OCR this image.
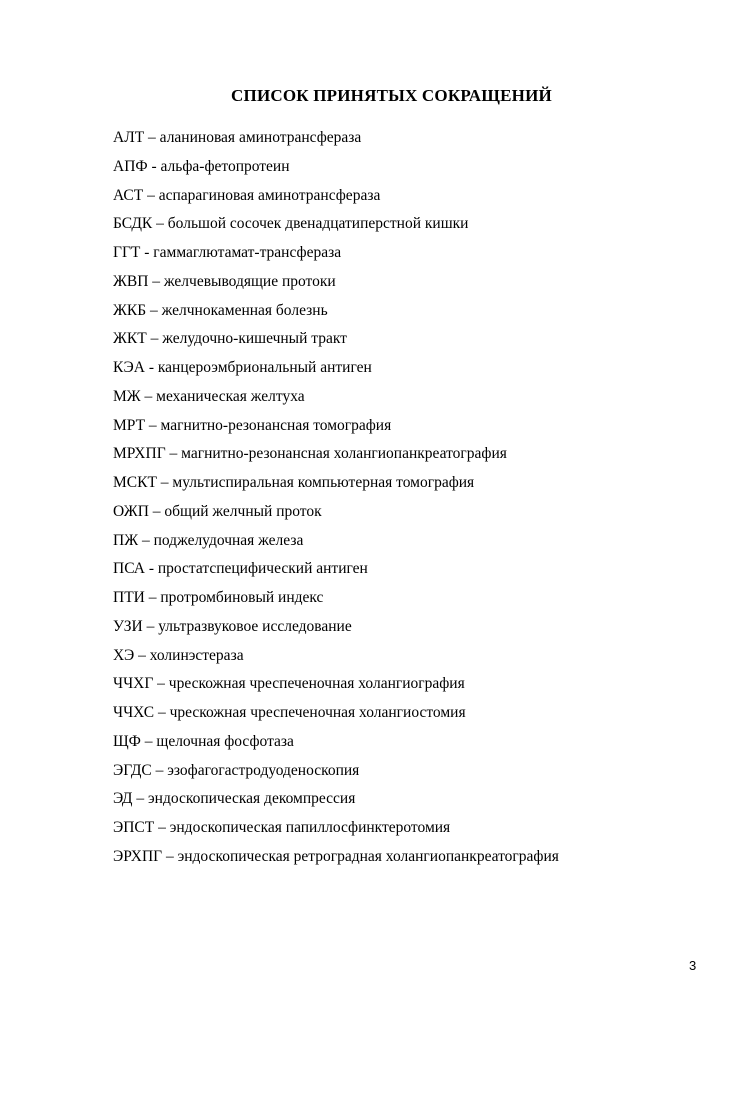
СПИСОК ПРИНЯТЫХ СОКРАЩЕНИЙ
АЛТ – аланиновая аминотрансфераза
АПФ - альфа-фетопротеин
АСТ – аспарагиновая аминотрансфераза
БСДК – большой сосочек двенадцатиперстной кишки
ГГТ - гаммаглютамат-трансфераза
ЖВП – желчевыводящие протоки
ЖКБ – желчнокаменная болезнь
ЖКТ – желудочно-кишечный тракт
КЭА - канцероэмбриональный антиген
МЖ – механическая желтуха
МРТ – магнитно-резонансная томография
МРХПГ – магнитно-резонансная холангиопанкреатография
МСКТ – мультиспиральная компьютерная томография
ОЖП – общий желчный проток
ПЖ – поджелудочная железа
ПСА - простатспецифический антиген
ПТИ – протромбиновый индекс
УЗИ – ультразвуковое исследование
ХЭ – холинэстераза
ЧЧХГ – чрескожная чреспеченочная холангиография
ЧЧХС – чрескожная чреспеченочная холангиостомия
ЩФ – щелочная фосфотаза
ЭГДС – эзофагогастродуоденоскопия
ЭД – эндоскопическая декомпрессия
ЭПСТ – эндоскопическая папиллосфинктеротомия
ЭРХПГ – эндоскопическая ретроградная холангиопанкреатография
3
